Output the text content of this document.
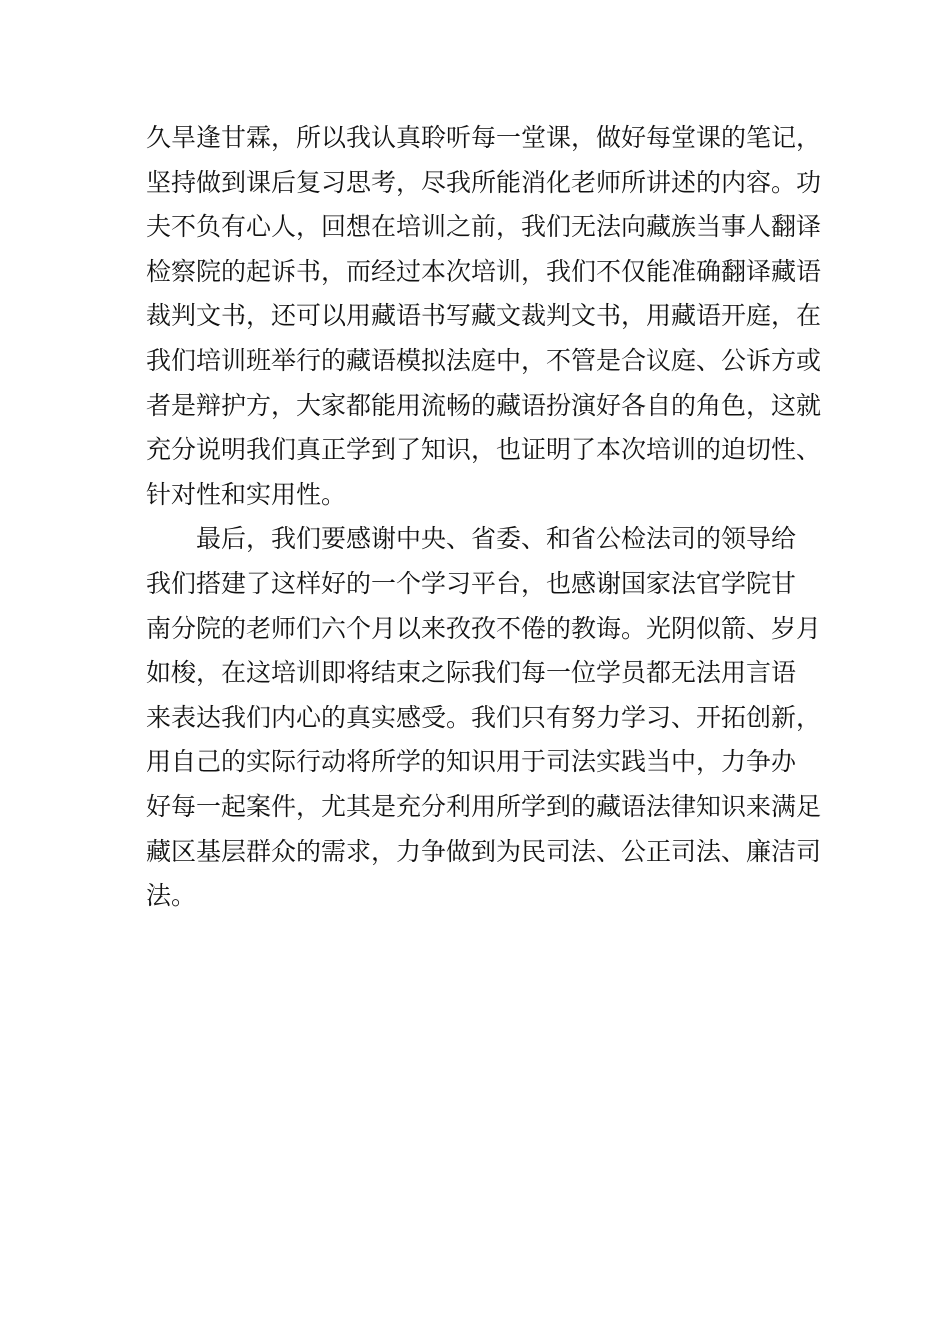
久旱逢甘霖，所以我认真聆听每一堂课，做好每堂课的笔记，

坚持做到课后复习思考，尽我所能消化老师所讲述的内容。功

夫不负有心人，回想在培训之前，我们无法向藏族当事人翻译

检察院的起诉书，而经过本次培训，我们不仅能准确翻译藏语

裁判文书，还可以用藏语书写藏文裁判文书，用藏语开庭，在

我们培训班举行的藏语模拟法庭中，不管是合议庭、公诉方或

者是辩护方，大家都能用流畅的藏语扮演好各自的角色，这就

充分说明我们真正学到了知识，也证明了本次培训的迫切性、

针对性和实用性。

最后，我们要感谢中央、省委、和省公检法司的领导给

我们搭建了这样好的一个学习平台，也感谢国家法官学院甘

南分院的老师们六个月以来孜孜不倦的教诲。光阴似箭、岁月

如梭，在这培训即将结束之际我们每一位学员都无法用言语

来表达我们内心的真实感受。我们只有努力学习、开拓创新，

用自己的实际行动将所学的知识用于司法实践当中，力争办

好每一起案件，尤其是充分利用所学到的藏语法律知识来满足

藏区基层群众的需求，力争做到为民司法、公正司法、廉洁司

法。
